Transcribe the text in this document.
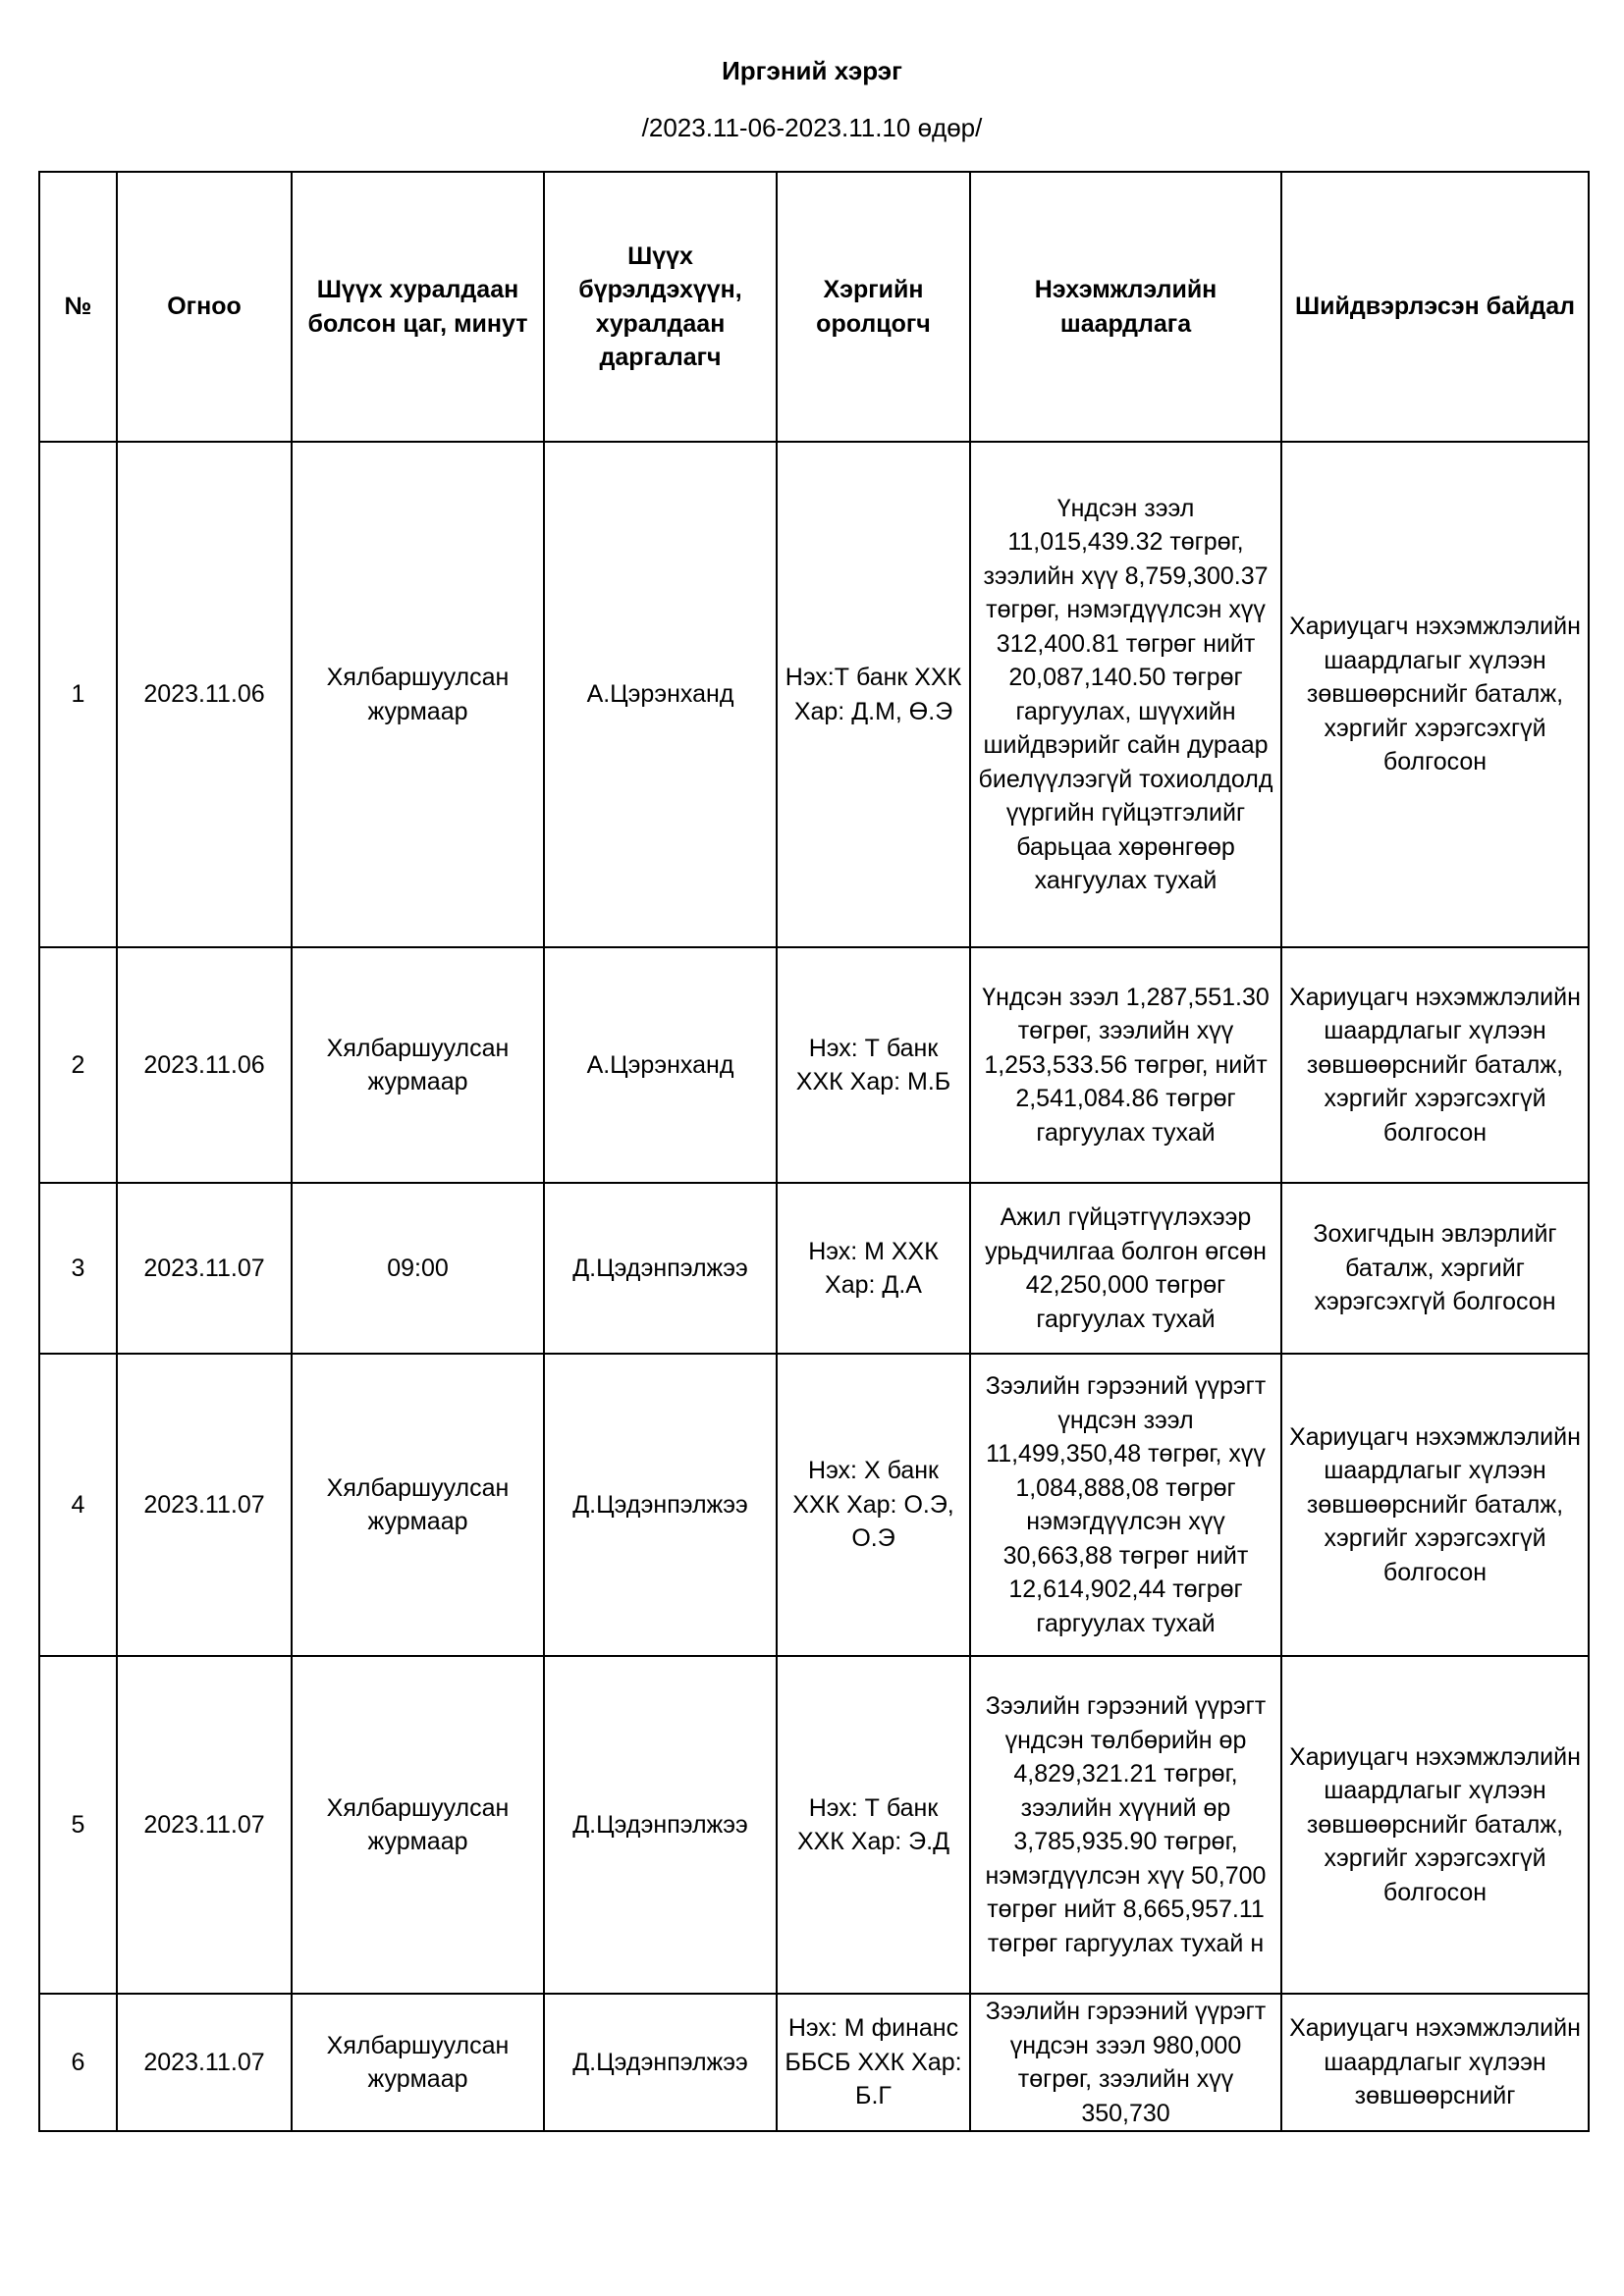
Иргэний хэрэг
/2023.11-06-2023.11.10 өдөр/
№	Огноо	Шүүх хуралдаан болсон цаг, минут	Шүүх бүрэлдэхүүн, хуралдаан даргалагч	Хэргийн оролцогч	Нэхэмжлэлийн шаардлага	Шийдвэрлэсэн байдал
1	2023.11.06	Хялбаршуулсан журмаар	А.Цэрэнханд	Нэх:Т банк ХХК Хар: Д.М, Ө.Э	Үндсэн зээл 11,015,439.32 төгрөг, зээлийн хүү 8,759,300.37 төгрөг, нэмэгдүүлсэн хүү 312,400.81 төгрөг нийт 20,087,140.50 төгрөг гаргуулах, шүүхийн шийдвэрийг сайн дураар биелүүлээгүй тохиолдолд үүргийн гүйцэтгэлийг барьцаа хөрөнгөөр хангуулах тухай	Хариуцагч нэхэмжлэлийн шаардлагыг хүлээн зөвшөөрснийг баталж, хэргийг хэрэгсэхгүй болгосон
2	2023.11.06	Хялбаршуулсан журмаар	А.Цэрэнханд	Нэх: Т банк ХХК Хар: М.Б	Үндсэн зээл 1,287,551.30 төгрөг, зээлийн хүү 1,253,533.56 төгрөг, нийт 2,541,084.86 төгрөг гаргуулах тухай	Хариуцагч нэхэмжлэлийн шаардлагыг хүлээн зөвшөөрснийг баталж, хэргийг хэрэгсэхгүй болгосон
3	2023.11.07	09:00	Д.Цэдэнпэлжээ	Нэх: М ХХК Хар: Д.А	Ажил гүйцэтгүүлэхээр урьдчилгаа болгон өгсөн 42,250,000 төгрөг гаргуулах тухай	Зохигчдын эвлэрлийг баталж, хэргийг хэрэгсэхгүй болгосон
4	2023.11.07	Хялбаршуулсан журмаар	Д.Цэдэнпэлжээ	Нэх: Х банк ХХК Хар: О.Э, О.Э	Зээлийн гэрээний үүрэгт үндсэн зээл 11,499,350,48 төгрөг, хүү 1,084,888,08 төгрөг нэмэгдүүлсэн хүү 30,663,88 төгрөг нийт 12,614,902,44 төгрөг гаргуулах тухай	Хариуцагч нэхэмжлэлийн шаардлагыг хүлээн зөвшөөрснийг баталж, хэргийг хэрэгсэхгүй болгосон
5	2023.11.07	Хялбаршуулсан журмаар	Д.Цэдэнпэлжээ	Нэх: Т банк ХХК Хар: Э.Д	Зээлийн гэрээний үүрэгт үндсэн төлбөрийн өр 4,829,321.21 төгрөг, зээлийн хүүний өр 3,785,935.90 төгрөг, нэмэгдүүлсэн хүү 50,700 төгрөг нийт 8,665,957.11 төгрөг гаргуулах тухай н	Хариуцагч нэхэмжлэлийн шаардлагыг хүлээн зөвшөөрснийг баталж, хэргийг хэрэгсэхгүй болгосон
6	2023.11.07	Хялбаршуулсан журмаар	Д.Цэдэнпэлжээ	Нэх: М финанс ББСБ ХХК Хар: Б.Г	Зээлийн гэрээний үүрэгт үндсэн зээл 980,000 төгрөг, зээлийн хүү 350,730	Хариуцагч нэхэмжлэлийн шаардлагыг хүлээн зөвшөөрснийг
